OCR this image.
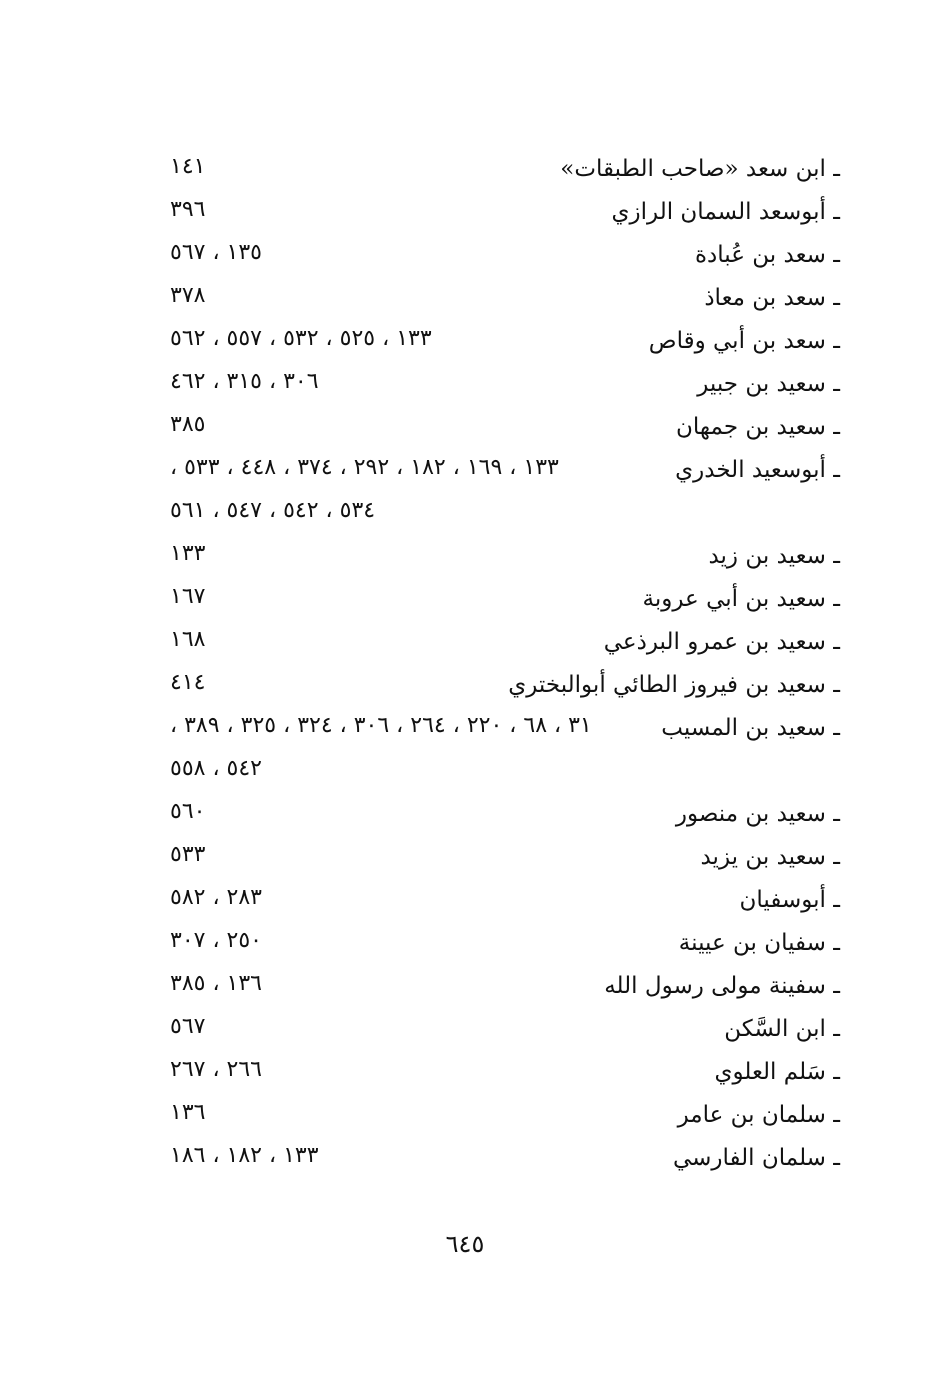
ـ ابن سعد «صاحب الطبقات»
١٤١
ـ أبوسعد السمان الرازي
٣٩٦
ـ سعد بن عُبادة
١٣٥ ، ٥٦٧
ـ سعد بن معاذ
٣٧٨
ـ سعد بن أبي وقاص
١٣٣ ، ٥٢٥ ، ٥٣٢ ، ٥٥٧ ، ٥٦٢
ـ سعيد بن جبير
٣٠٦ ، ٣١٥ ، ٤٦٢
ـ سعيد بن جمهان
٣٨٥
ـ أبوسعيد الخدري
١٣٣ ، ١٦٩ ، ١٨٢ ، ٢٩٢ ، ٣٧٤ ، ٤٤٨ ، ٥٣٣ ،
٥٣٤ ، ٥٤٢ ، ٥٤٧ ، ٥٦١
ـ سعيد بن زيد
١٣٣
ـ سعيد بن أبي عروبة
١٦٧
ـ سعيد بن عمرو البرذعي
١٦٨
ـ سعيد بن فيروز الطائي أبوالبختري
٤١٤
ـ سعيد بن المسيب
٣١ ، ٦٨ ، ٢٢٠ ، ٢٦٤ ، ٣٠٦ ، ٣٢٤ ، ٣٢٥ ، ٣٨٩ ،
٥٤٢ ، ٥٥٨
ـ سعيد بن منصور
٥٦٠
ـ سعيد بن يزيد
٥٣٣
ـ أبوسفيان
٢٨٣ ، ٥٨٢
ـ سفيان بن عيينة
٢٥٠ ، ٣٠٧
ـ سفينة مولى رسول الله
١٣٦ ، ٣٨٥
ـ ابن السَّكن
٥٦٧
ـ سَلم العلوي
٢٦٦ ، ٢٦٧
ـ سلمان بن عامر
١٣٦
ـ سلمان الفارسي
١٣٣ ، ١٨٢ ، ١٨٦
٦٤٥
